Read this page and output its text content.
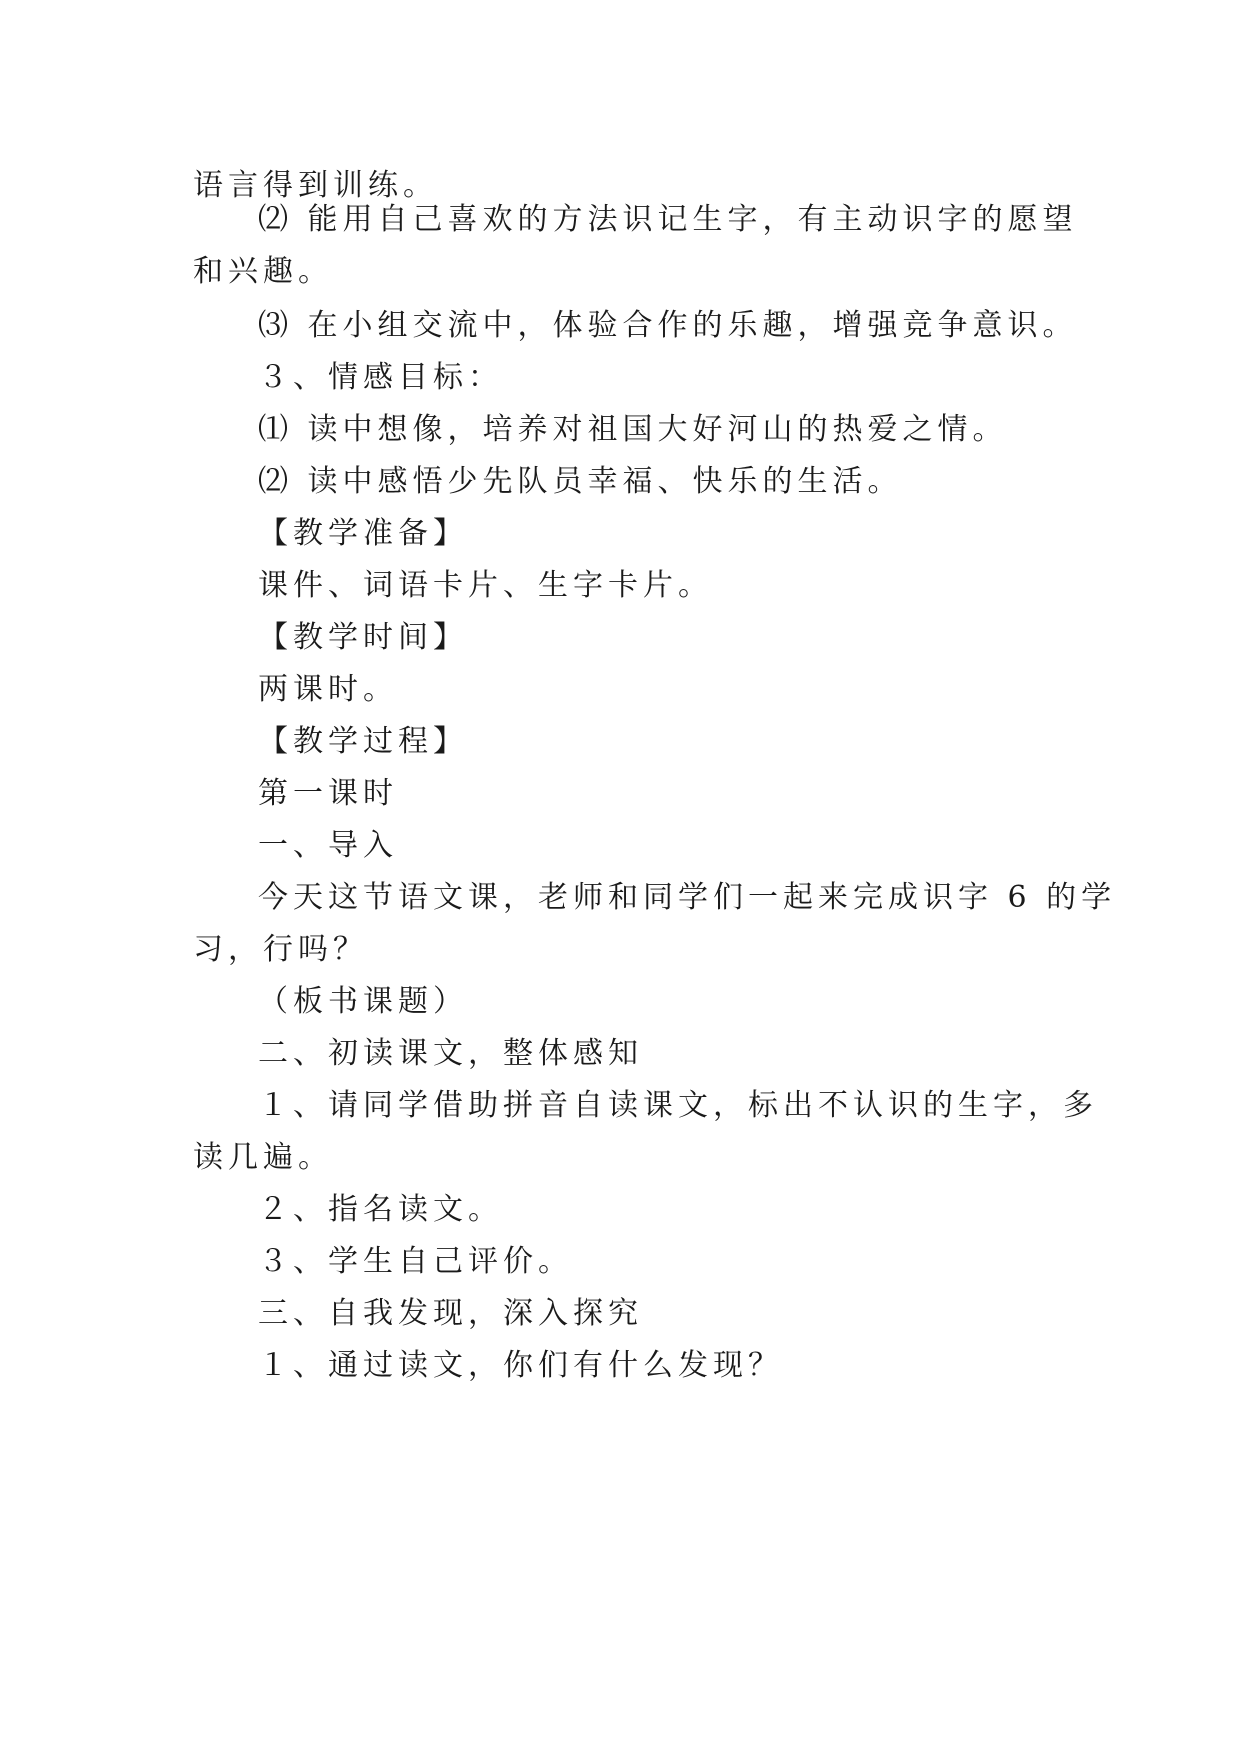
语言得到训练。
⑵ 能用自己喜欢的方法识记生字，有主动识字的愿望
和兴趣。
⑶ 在小组交流中，体验合作的乐趣，增强竞争意识。
３、情感目标：
⑴ 读中想像，培养对祖国大好河山的热爱之情。
⑵ 读中感悟少先队员幸福、快乐的生活。
【教学准备】
课件、词语卡片、生字卡片。
【教学时间】
两课时。
【教学过程】
第一课时
一、导入
今天这节语文课，老师和同学们一起来完成识字 6 的学
习，行吗？
（板书课题）
二、初读课文，整体感知
１、请同学借助拼音自读课文，标出不认识的生字，多
读几遍。
２、指名读文。
３、学生自己评价。
三、自我发现，深入探究
１、通过读文，你们有什么发现？
